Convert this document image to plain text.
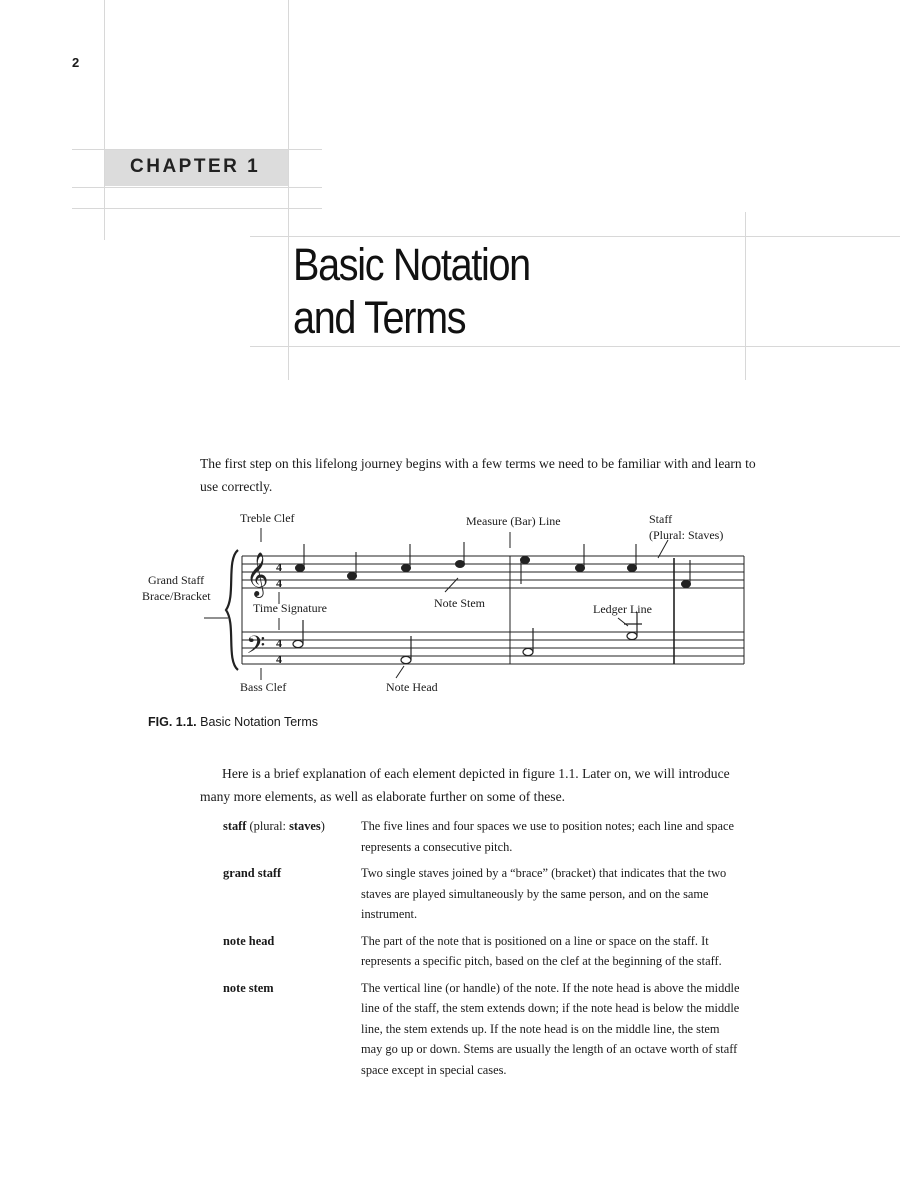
2
CHAPTER 1
Basic Notation
and Terms
The first step on this lifelong journey begins with a few terms we need to be familiar with and learn to use correctly.
𝄞
𝄢
4
4
4
4
Treble Clef	Measure (Bar) Line	Staff
(Plural: Staves)
Grand Staff
Brace/Bracket
Time Signature	Note Stem	Ledger Line
Bass Clef	Note Head
FIG. 1.1. Basic Notation Terms
Here is a brief explanation of each element depicted in figure 1.1. Later on, we will introduce many more elements, as well as elaborate further on some of these.
staff (plural: staves)	The five lines and four spaces we use to position notes; each line and space represents a consecutive pitch.
grand staff	Two single staves joined by a “brace” (bracket) that indicates that the two staves are played simultaneously by the same person, and on the same instrument.
note head	The part of the note that is positioned on a line or space on the staff. It represents a specific pitch, based on the clef at the beginning of the staff.
note stem	The vertical line (or handle) of the note. If the note head is above the middle line of the staff, the stem extends down; if the note head is below the middle line, the stem extends up. If the note head is on the middle line, the stem may go up or down. Stems are usually the length of an octave worth of staff space except in special cases.
